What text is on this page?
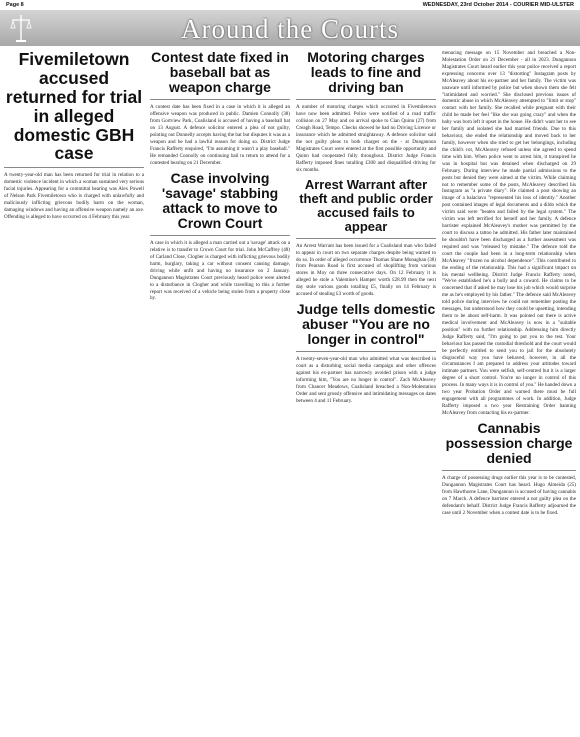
Page 8	WEDNESDAY, 23rd October 2014 - COURIER MID-ULSTER
Around the Courts
Fivemiletown accused returned for trial in alleged domestic GBH case

A twenty-year-old man has been returned for trial in relation to a domestic violence incident in which a woman sustained very serious facial injuries. Appearing for a committal hearing was Alex Powell of Nelson Park Fivemiletown who is charged with unlawfully and maliciously inflicting grievous bodily harm on the woman, damaging windows and having an offensive weapon namely an axe. Offending is alleged to have occurred on 4 February this year.

Contest date fixed in baseball bat as weapon charge

A contest date has been fixed in a case in which it is alleged an offensive weapon was produced in public. Damien Connolly (38) from Gortview Park, Coalisland is accused of having a baseball bat on 13 August. A defence solicitor entered a plea of not guilty, pointing out Donnelly accepts having the bat but disputes it was as a weapon and he had a lawful reason for doing so. District Judge Francis Rafferty enquired, "I'm assuming it wasn't a play baseball." He remanded Connolly on continuing bail to return to attend for a contested hearing on 21 December.

Case involving 'savage' stabbing attack to move to Crown Court

A case in which it is alleged a man carried out a 'savage' attack on a relative is to transfer to Crown Court for trial. John McCaffrey (48) of Carland Close, Clogher is charged with inflicting grievous bodily harm, burglary, taking a car without consent causing damage, driving while unfit and having no insurance on 2 January. Dungannon Magistrates Court previously heard police were alerted to a disturbance in Clogher and while travelling to this a further report was received of a vehicle being stolen from a property close by.

Motoring charges leads to fine and driving ban

A number of motoring charges which occurred in Fivemiletown have now been admitted. Police were notified of a road traffic collision on 27 May and on arrival spoke to Cian Quinn (27) from Creagh Road, Tempo. Checks showed he had no Driving Licence or insurance which he admitted straightaway. A defence solicitor said the not guilty pleas to both charges on the - at Dungannon Magistrates Court were entered at the first possible opportunity and Quinn had cooperated fully throughout. District Judge Francis Rafferty imposed fines totalling £300 and disqualified driving for six months.

Arrest Warrant after theft and public order accused fails to appear

An Arrest Warrant has been issued for a Coalisland man who failed to appear in court on two separate charges despite being warned to do so. In order of alleged occurrence Thomas Shane Monaghan (38) from Pearson Road is first accused of shoplifting from various stores in Moy on three consecutive days. On 12 February it is alleged he stole a Valentine's Hamper worth £28.99 then the next day stole various goods totalling £5, finally on 14 February is accused of stealing £3 worth of goods.

Judge tells domestic abuser "You are no longer in control"

A twenty-seven-year-old man who admitted what was described in court as a disturbing social media campaign and other offences against his ex-partner has narrowly avoided prison with a judge informing him, "You are no longer in control". Zach McAleavey from Chancer Meadows, Coalisland breached a Non-Molestation Order and sent grossly offensive and intimidating messages on dates between 4 and 11 February.

menacing message on 15 November and breached a Non-Molestation Order on 21 December - all in 2023. Dungannon Magistrates Court heard earlier this year police received a report expressing concerns over 13 "distorting" Instagram posts by McAleavey about his ex-partner and her family. The victim was unaware until informed by police but when shown them she felt "intimidated and worried." She disclosed previous issues of domestic abuse in which McAleavey attempted to "limit or stop" contact with her family. She recalled while pregnant with their child he made her feel "like she was going crazy" and when the baby was born left it upset in the house. He didn't want her to see her family and isolated she had married friends. Due to this behaviour, she ended the relationship and moved back to her family, however when she tried to get her belongings, including the child's cot, McAleavey refused unless she agreed to spend time with him. When police went to arrest him, it transpired he was in hospital but was detained when discharged on 29 February. During interview he made partial admissions to the posts but denied they were aimed at the victim. While claiming not to remember some of the posts, McAleavey described his Instagram as "a private diary". He claimed a post showing an image of a balaclava "represented his loss of identity." Another post contained images of legal documents and a dildo which the victim said were "beaten and failed by the legal system." The victim was left terrified for herself and her family. A defence barrister explained McAleavey's mother was permitted by the court to discuss a tattoo he admitted. His father later maintained he shouldn't have been discharged as a further assessment was required and was "released by mistake." The defence told the court the couple had been in a long-term relationship when McAleavey "frozen no alcohol dependence". This contributed to the ending of the relationship. This had a significant impact on his mental wellbeing. District Judge Francis Rafferty noted, "We've established he's a bully and a coward. He claims to be concerned that if asked he may lose his job which would surprise me as he's employed by his father." The defence said McAleavey told police during interview he could not remember posting the messages, but understood how they could be upsetting, intending them to be about self-harm. It was pointed out there is active medical involvement and McAleavey is now in a "suitable position" with no further relationship. Addressing him directly Judge Rafferty said, "I'm going to put you to the test. Your behaviour has passed the custodial threshold and the court would be perfectly entitled to send you to jail for the absolutely disgraceful way you have behaved, however, in all the circumstances I am prepared to address your attitudes toward intimate partners. You were selfish, self-centred but it is a larger degree of a short control. You're no longer in control of this process. In many ways it is in control of you." He handed down a two year Probation Order and warned there must be full engagement with all programmes of work. In addition, Judge Rafferty imposed a two year Restraining Order banning McAleavey from contacting his ex-partner.

Cannabis possession charge denied

A charge of possessing drugs earlier this year is to be contested, Dungannon Magistrates Court has heard. Hugo Almeida (25) from Hawthorne Lane, Dungannon is accused of having cannabis on 7 March. A defence barrister entered a not guilty plea on the defendant's behalf. District Judge Francis Rafferty adjourned the case until 2 November when a contest date is to be fixed.
